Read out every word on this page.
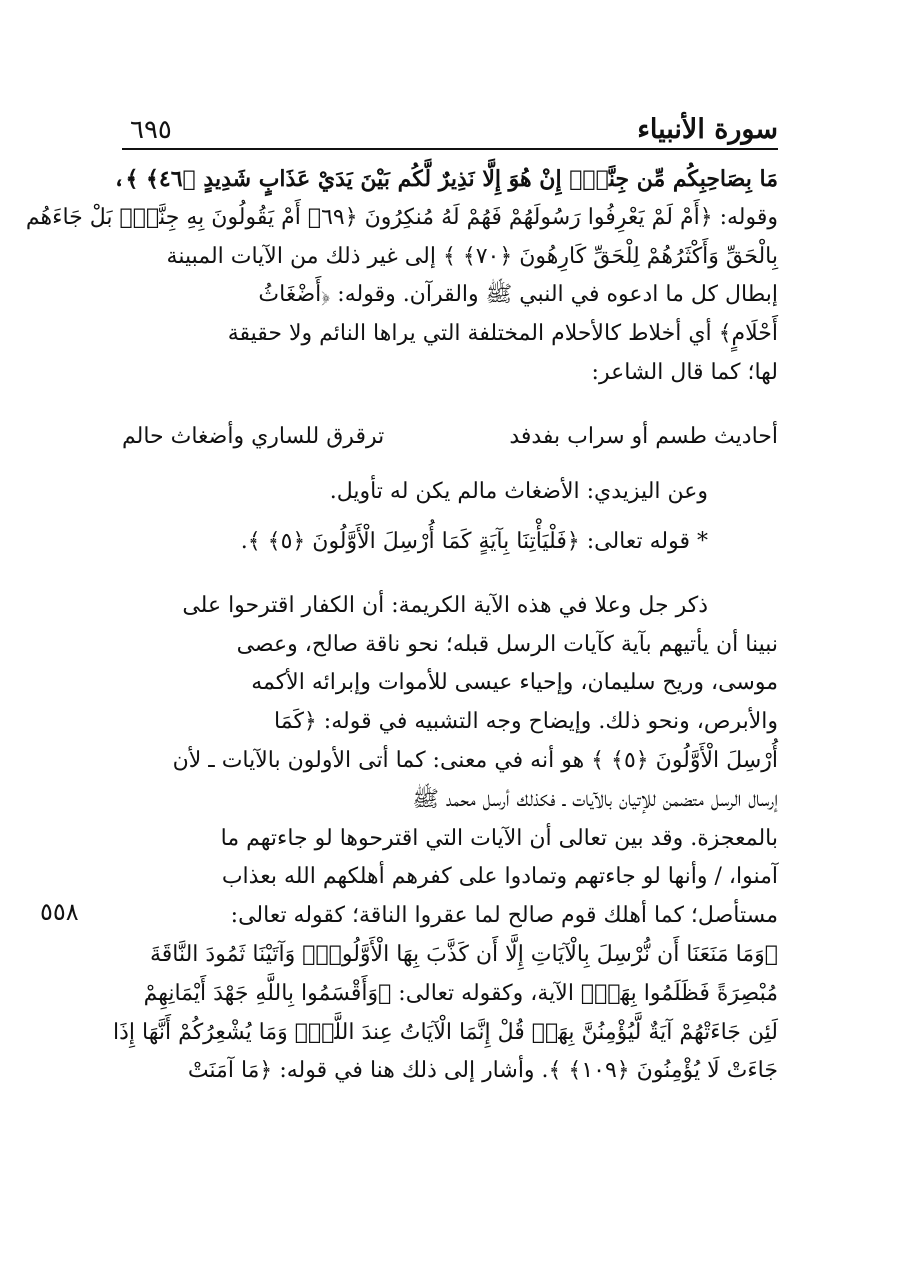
سورة الأنبياء
٦٩٥
٥٥٨

مَا بِصَاحِبِكُم مِّن جِنَّةٍۚ إِنْ هُوَ إِلَّا نَذِيرٌ لَّكُم بَيْنَ يَدَيْ عَذَابٍ شَدِيدٍ ﴿٤٦﴾ ﴾،

وقوله: ﴿أَمْ لَمْ يَعْرِفُوا رَسُولَهُمْ فَهُمْ لَهُ مُنكِرُونَ ﴿٦٩﴾ أَمْ يَقُولُونَ بِهِ جِنَّةٌۚ بَلْ جَاءَهُم

بِالْحَقِّ وَأَكْثَرُهُمْ لِلْحَقِّ كَارِهُونَ ﴿٧٠﴾ ﴾ إلى غير ذلك من الآيات المبينة

إبطال كل ما ادعوه في النبي ﷺ والقرآن. وقوله: ﴿أَضْغَاثُ

أَحْلَامٍ﴾ أي أخلاط كالأحلام المختلفة التي يراها النائم ولا حقيقة

لها؛ كما قال الشاعر:

أحاديث طسم أو سراب بفدفد
ترقرق للساري وأضغاث حالم

وعن اليزيدي: الأضغاث مالم يكن له تأويل.

* قوله تعالى: ﴿فَلْيَأْتِنَا بِآيَةٍ كَمَا أُرْسِلَ الْأَوَّلُونَ ﴿٥﴾ ﴾.

ذكر جل وعلا في هذه الآية الكريمة: أن الكفار اقترحوا على

نبينا أن يأتيهم بآية كآيات الرسل قبله؛ نحو ناقة صالح، وعصى

موسى، وريح سليمان، وإحياء عيسى للأموات وإبرائه الأكمه

والأبرص، ونحو ذلك. وإيضاح وجه التشبيه في قوله: ﴿كَمَا

أُرْسِلَ الْأَوَّلُونَ ﴿٥﴾ ﴾ هو أنه في معنى: كما أتى الأولون بالآيات ـ لأن

إرسال الرسل متضمن للإتيان بالآيات ـ فكذلك أرسل محمد ﷺ

بالمعجزة. وقد بين تعالى أن الآيات التي اقترحوها لو جاءتهم ما

آمنوا، / وأنها لو جاءتهم وتمادوا على كفرهم أهلكهم الله بعذاب

مستأصل؛ كما أهلك قوم صالح لما عقروا الناقة؛ كقوله تعالى:

﴿وَمَا مَنَعَنَا أَن نُّرْسِلَ بِالْآيَاتِ إِلَّا أَن كَذَّبَ بِهَا الْأَوَّلُونَۚ وَآتَيْنَا ثَمُودَ النَّاقَةَ

مُبْصِرَةً فَظَلَمُوا بِهَاۚ﴾ الآية، وكقوله تعالى: ﴿وَأَقْسَمُوا بِاللَّهِ جَهْدَ أَيْمَانِهِمْ

لَئِن جَاءَتْهُمْ آيَةٌ لَّيُؤْمِنُنَّ بِهَاۚ قُلْ إِنَّمَا الْآيَاتُ عِندَ اللَّهِۖ وَمَا يُشْعِرُكُمْ أَنَّهَا إِذَا

جَاءَتْ لَا يُؤْمِنُونَ ﴿١٠٩﴾ ﴾. وأشار إلى ذلك هنا في قوله: ﴿مَا آمَنَتْ
